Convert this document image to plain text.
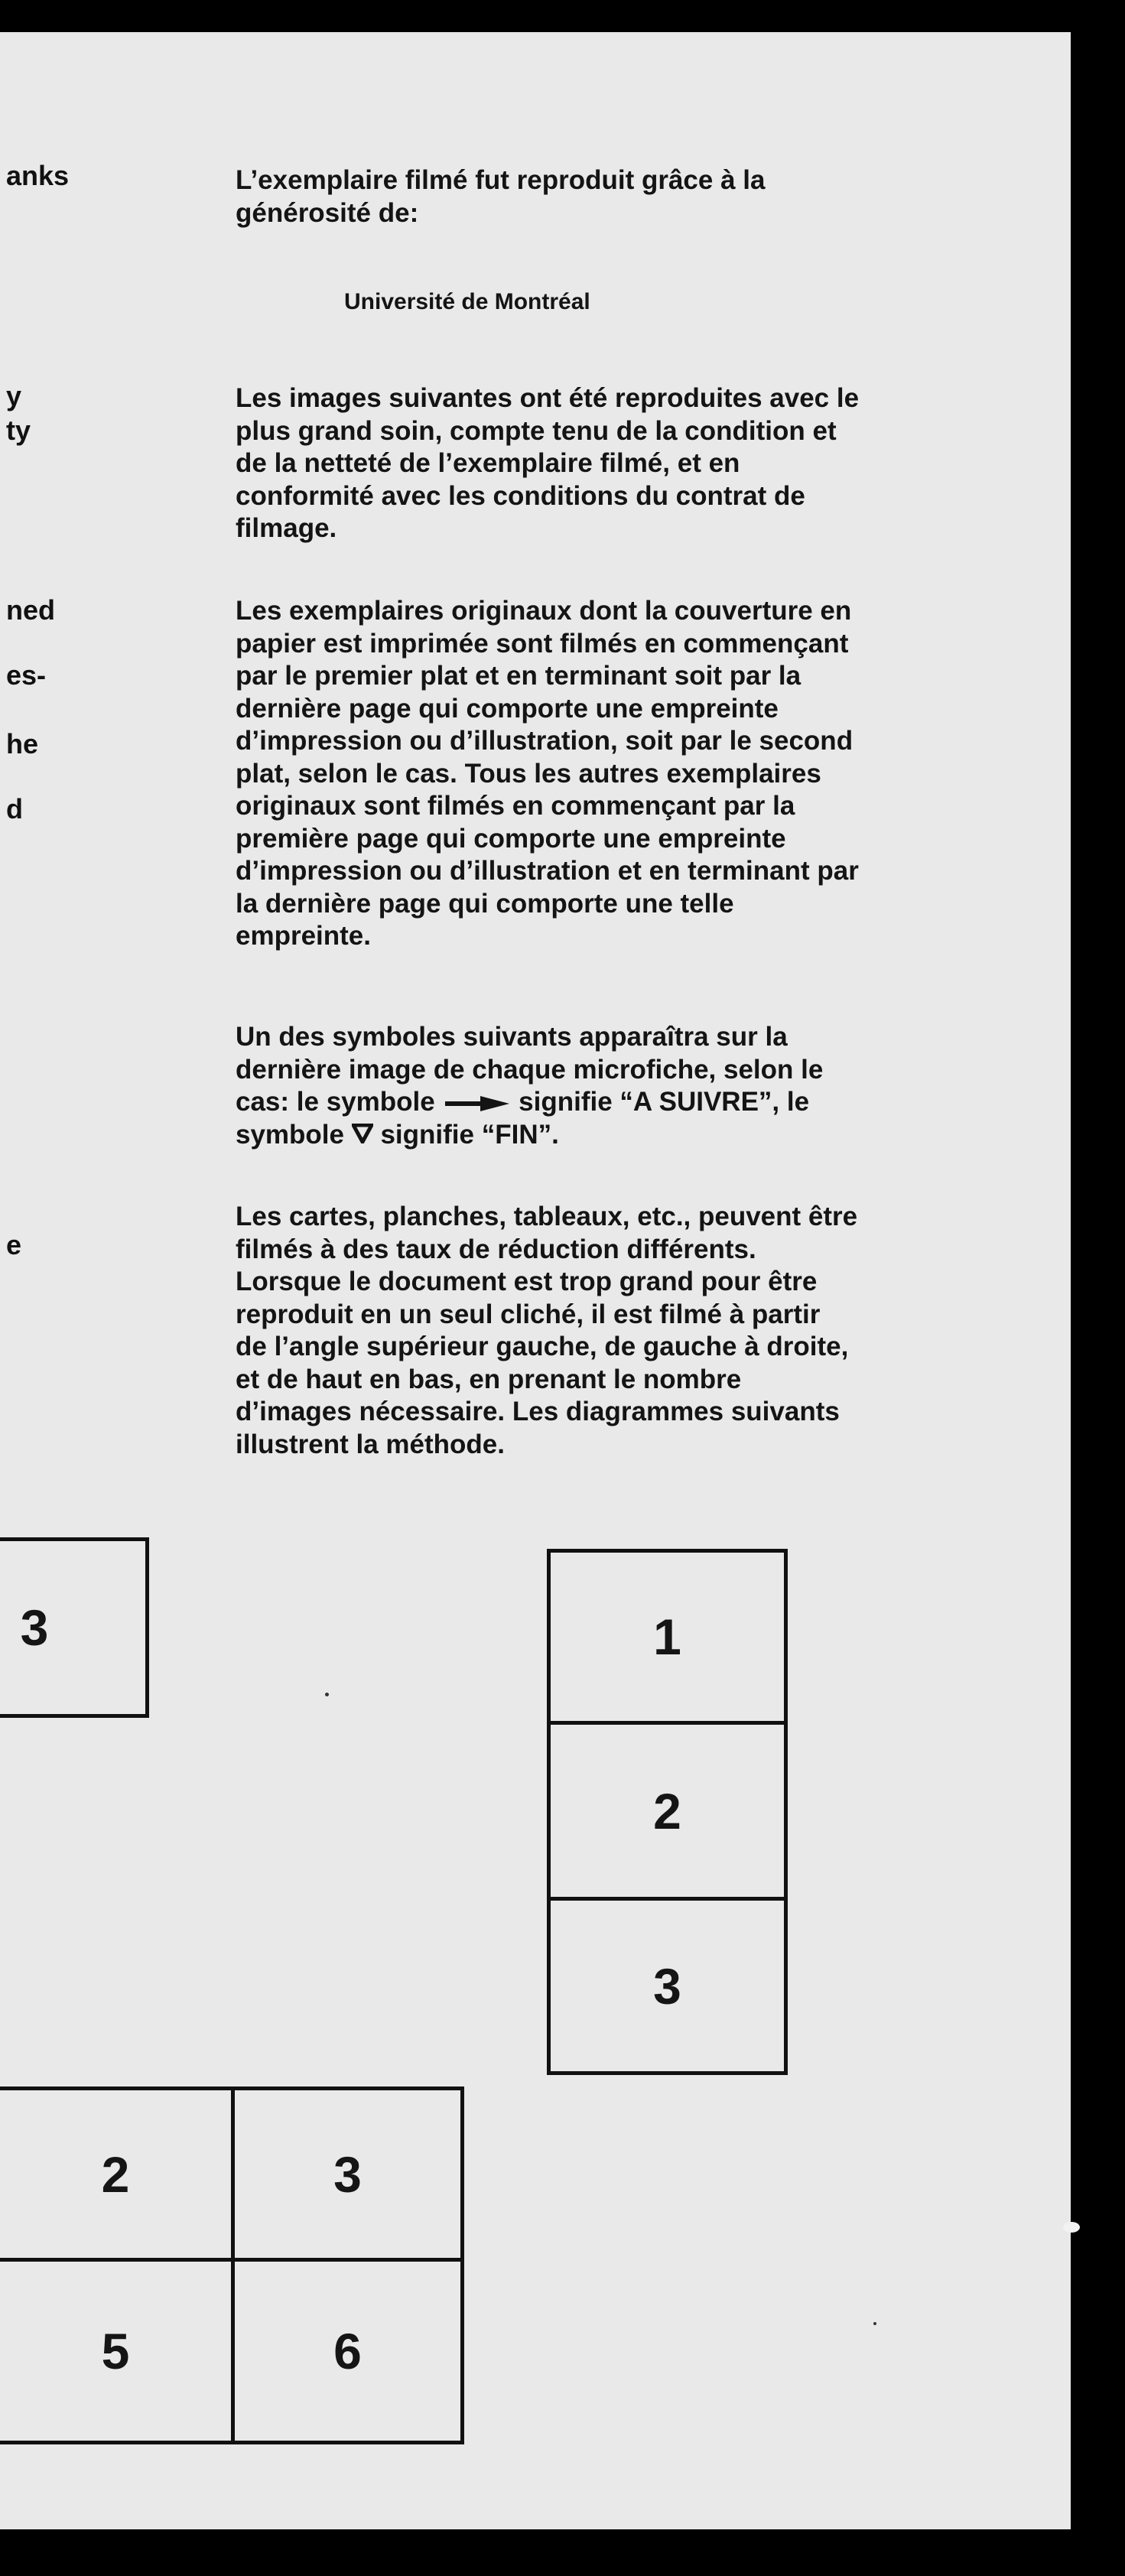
anks
y
ty
ned
es-
he
d
e

L’exemplaire filmé fut reproduit grâce à la

générosité de:

Université de Montréal

Les images suivantes ont été reproduites avec le

plus grand soin, compte tenu de la condition et

de la netteté de l’exemplaire filmé, et en

conformité avec les conditions du contrat de

filmage.

Les exemplaires originaux dont la couverture en

papier est imprimée sont filmés en commençant

par le premier plat et en terminant soit par la

dernière page qui comporte une empreinte

d’impression ou d’illustration, soit par le second

plat, selon le cas. Tous les autres exemplaires

originaux sont filmés en commençant par la

première page qui comporte une empreinte

d’impression ou d’illustration et en terminant par

la dernière page qui comporte une telle

empreinte.

Un des symboles suivants apparaîtra sur la

dernière image de chaque microfiche, selon le

cas: le symbole	signifie “A SUIVRE”, le

symbole signifie “FIN”.

Les cartes, planches, tableaux, etc., peuvent être

filmés à des taux de réduction différents.

Lorsque le document est trop grand pour être

reproduit en un seul cliché, il est filmé à partir

de l’angle supérieur gauche, de gauche à droite,

et de haut en bas, en prenant le nombre

d’images nécessaire. Les diagrammes suivants

illustrent la méthode.

3	1
2
3
2	3
5	6
